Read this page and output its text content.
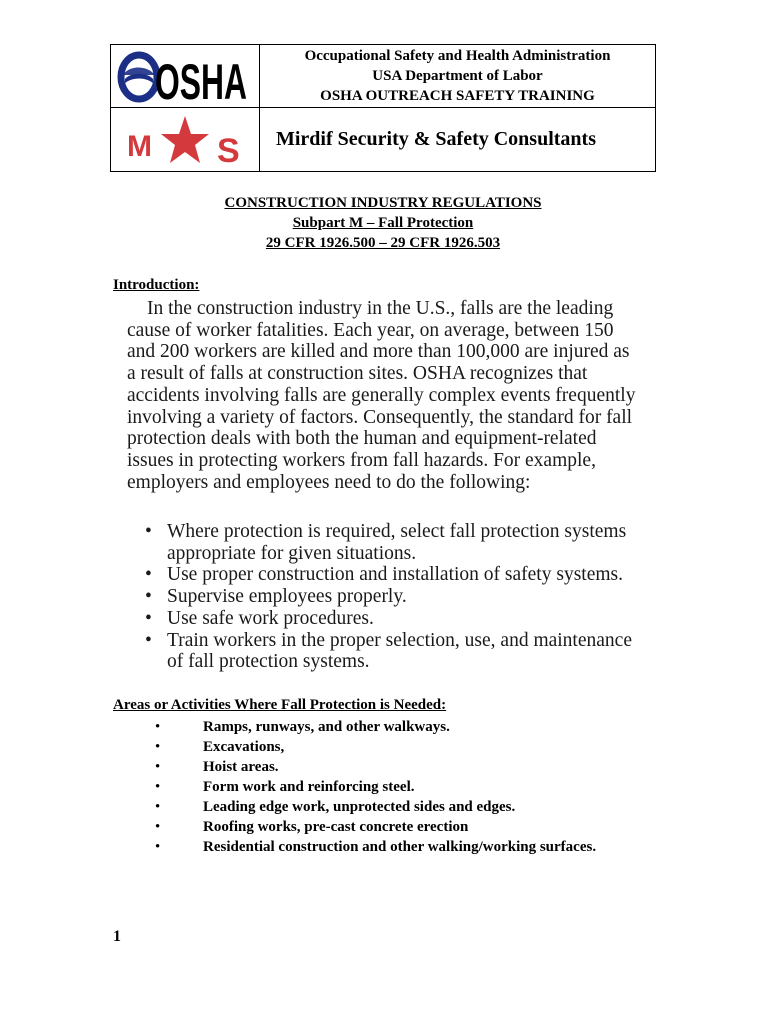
OSHA
M S
Occupational Safety and Health Administration
USA Department of Labor
OSHA OUTREACH SAFETY TRAINING
Mirdif Security & Safety Consultants
CONSTRUCTION INDUSTRY REGULATIONS
Subpart M – Fall Protection
29 CFR 1926.500 – 29 CFR 1926.503
Introduction:

In the construction industry in the U.S., falls are the leading cause of worker fatalities. Each year, on average, between 150 and 200 workers are killed and more than 100,000 are injured as a result of falls at construction sites. OSHA recognizes that accidents involving falls are generally complex events frequently involving a variety of factors. Consequently, the standard for fall protection deals with both the human and equipment-related issues in protecting workers from fall hazards. For example, employers and employees need to do the following:

• Where protection is required, select fall protection systems appropriate for given situations.
• Use proper construction and installation of safety systems.
• Supervise employees properly.
• Use safe work procedures.
• Train workers in the proper selection, use, and maintenance of fall protection systems.
Areas or Activities Where Fall Protection is Needed:
•	Ramps, runways, and other walkways.
•	Excavations,
•	Hoist areas.
•	Form work and reinforcing steel.
•	Leading edge work, unprotected sides and edges.
•	Roofing works, pre-cast concrete erection
•	Residential construction and other walking/working surfaces.
1
